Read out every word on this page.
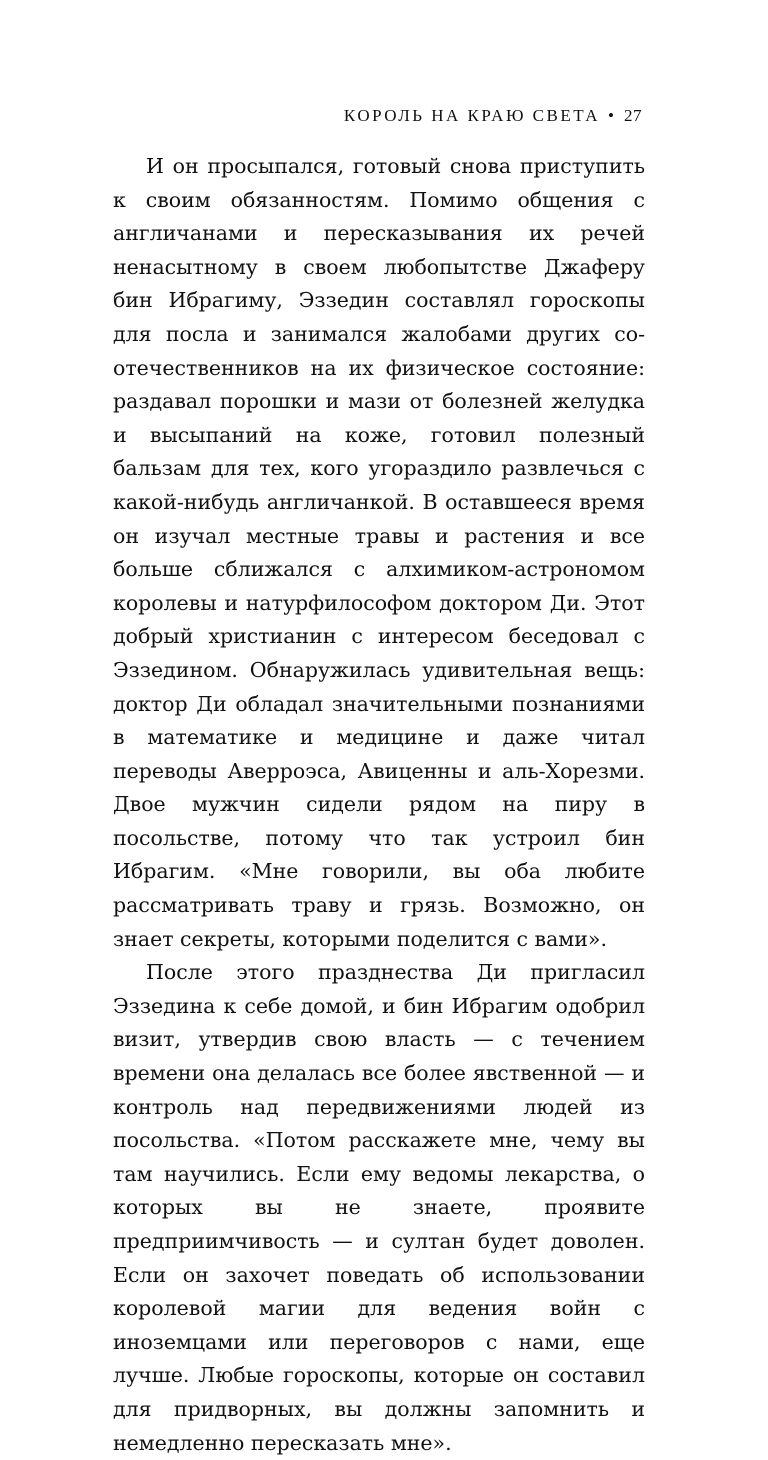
КОРОЛЬ НА КРАЮ СВЕТА • 27

И он просыпался, готовый снова приступить к своим обязанностям. Помимо общения с англичанами и пересказывания их речей ненасытному в своем любопытстве Джаферу бин Ибрагиму, Эззедин составлял гороскопы для посла и занимался жалобами других соотечественников на их физическое состояние: раздавал порошки и мази от болезней желудка и высыпаний на коже, готовил полезный бальзам для тех, кого угораздило развлечься с какой-нибудь англичанкой. В оставшееся время он изучал местные травы и растения и все больше сближался с алхимиком-астрономом королевы и натурфилософом доктором Ди. Этот добрый христианин с интересом беседовал с Эззедином. Обнаружилась удивительная вещь: доктор Ди обладал значительными познаниями в математике и медицине и даже читал переводы Аверроэса, Авиценны и аль-Хорезми. Двое мужчин сидели рядом на пиру в посольстве, потому что так устроил бин Ибрагим. «Мне говорили, вы оба любите рассматривать траву и грязь. Возможно, он знает секреты, которыми поделится с вами».

После этого празднества Ди пригласил Эззедина к себе домой, и бин Ибрагим одобрил визит, утвердив свою власть — с течением времени она делалась все более явственной — и контроль над передвижениями людей из посольства. «Потом расскажете мне, чему вы там научились. Если ему ведомы лекарства, о которых вы не знаете, проявите предприимчивость — и султан будет доволен. Если он захочет поведать об использовании королевой магии для ведения войн с иноземцами или переговоров с нами, еще лучше. Любые гороскопы, которые он составил для придворных, вы должны запомнить и немедленно пересказать мне».
